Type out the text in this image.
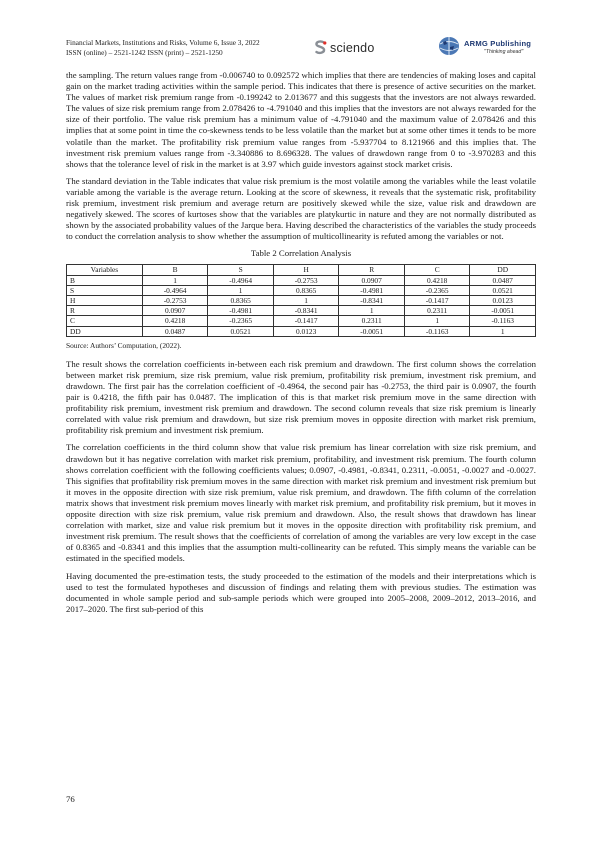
Financial Markets, Institutions and Risks, Volume 6, Issue 3, 2022
ISSN (online) – 2521-1242 ISSN (print) – 2521-1250	sciendo	ARMG Publishing
"Thinking ahead"

the sampling. The return values range from -0.006740 to 0.092572 which implies that there are tendencies of making loses and capital gain on the market trading activities within the sample period. This indicates that there is presence of active securities on the market. The values of market risk premium range from -0.199242 to 2.013677 and this suggests that the investors are not always rewarded. The values of size risk premium range from 2.078426 to -4.791040 and this implies that the investors are not always rewarded for the size of their portfolio. The value risk premium has a minimum value of -4.791040 and the maximum value of 2.078426 and this implies that at some point in time the co-skewness tends to be less volatile than the market but at some other times it tends to be more volatile than the market. The profitability risk premium value ranges from -5.937704 to 8.121966 and this implies that. The investment risk premium values range from -3.340886 to 8.696328. The values of drawdown range from 0 to -3.970283 and this shows that the tolerance level of risk in the market is at 3.97 which guide investors against stock market crisis.

The standard deviation in the Table indicates that value risk premium is the most volatile among the variables while the least volatile variable among the variable is the average return. Looking at the score of skewness, it reveals that the systematic risk, profitability risk premium, investment risk premium and average return are positively skewed while the size, value risk and drawdown are negatively skewed. The scores of kurtoses show that the variables are platykurtic in nature and they are not normally distributed as shown by the associated probability values of the Jarque bera. Having described the characteristics of the variables the study proceeds to conduct the correlation analysis to show whether the assumption of multicollinearity is refuted among the variables or not.

Table 2 Correlation Analysis
Variables	B	S	H	R	C	DD
B	1	-0.4964	-0.2753	0.0907	0.4218	0.0487
S	-0.4964	1	0.8365	-0.4981	-0.2365	0.0521
H	-0.2753	0.8365	1	-0.8341	-0.1417	0.0123
R	0.0907	-0.4981	-0.8341	1	0.2311	-0.0051
C	0.4218	-0.2365	-0.1417	0.2311	1	-0.1163
DD	0.0487	0.0521	0.0123	-0.0051	-0.1163	1
Source: Authors’ Computation, (2022).

The result shows the correlation coefficients in-between each risk premium and drawdown. The first column shows the correlation between market risk premium, size risk premium, value risk premium, profitability risk premium, investment risk premium, and drawdown. The first pair has the correlation coefficient of -0.4964, the second pair has -0.2753, the third pair is 0.0907, the fourth pair is 0.4218, the fifth pair has 0.0487. The implication of this is that market risk premium move in the same direction with profitability risk premium, investment risk premium and drawdown. The second column reveals that size risk premium is linearly correlated with value risk premium and drawdown, but size risk premium moves in opposite direction with market risk premium, profitability risk premium and investment risk premium.

The correlation coefficients in the third column show that value risk premium has linear correlation with size risk premium, and drawdown but it has negative correlation with market risk premium, profitability, and investment risk premium. The fourth column shows correlation coefficient with the following coefficients values; 0.0907, -0.4981, -0.8341, 0.2311, -0.0051, -0.0027 and -0.0027. This signifies that profitability risk premium moves in the same direction with market risk premium and investment risk premium but it moves in the opposite direction with size risk premium, value risk premium, and drawdown. The fifth column of the correlation matrix shows that investment risk premium moves linearly with market risk premium, and profitability risk premium, but it moves in opposite direction with size risk premium, value risk premium and drawdown. Also, the result shows that drawdown has linear correlation with market, size and value risk premium but it moves in the opposite direction with profitability risk premium, and investment risk premium. The result shows that the coefficients of correlation of among the variables are very low except in the case of 0.8365 and -0.8341 and this implies that the assumption multi-collinearity can be refuted. This simply means the variable can be estimated in the specified models.

Having documented the pre-estimation tests, the study proceeded to the estimation of the models and their interpretations which is used to test the formulated hypotheses and discussion of findings and relating them with previous studies. The estimation was documented in whole sample period and sub-sample periods which were grouped into 2005–2008, 2009–2012, 2013–2016, and 2017–2020. The first sub-period of this

76
